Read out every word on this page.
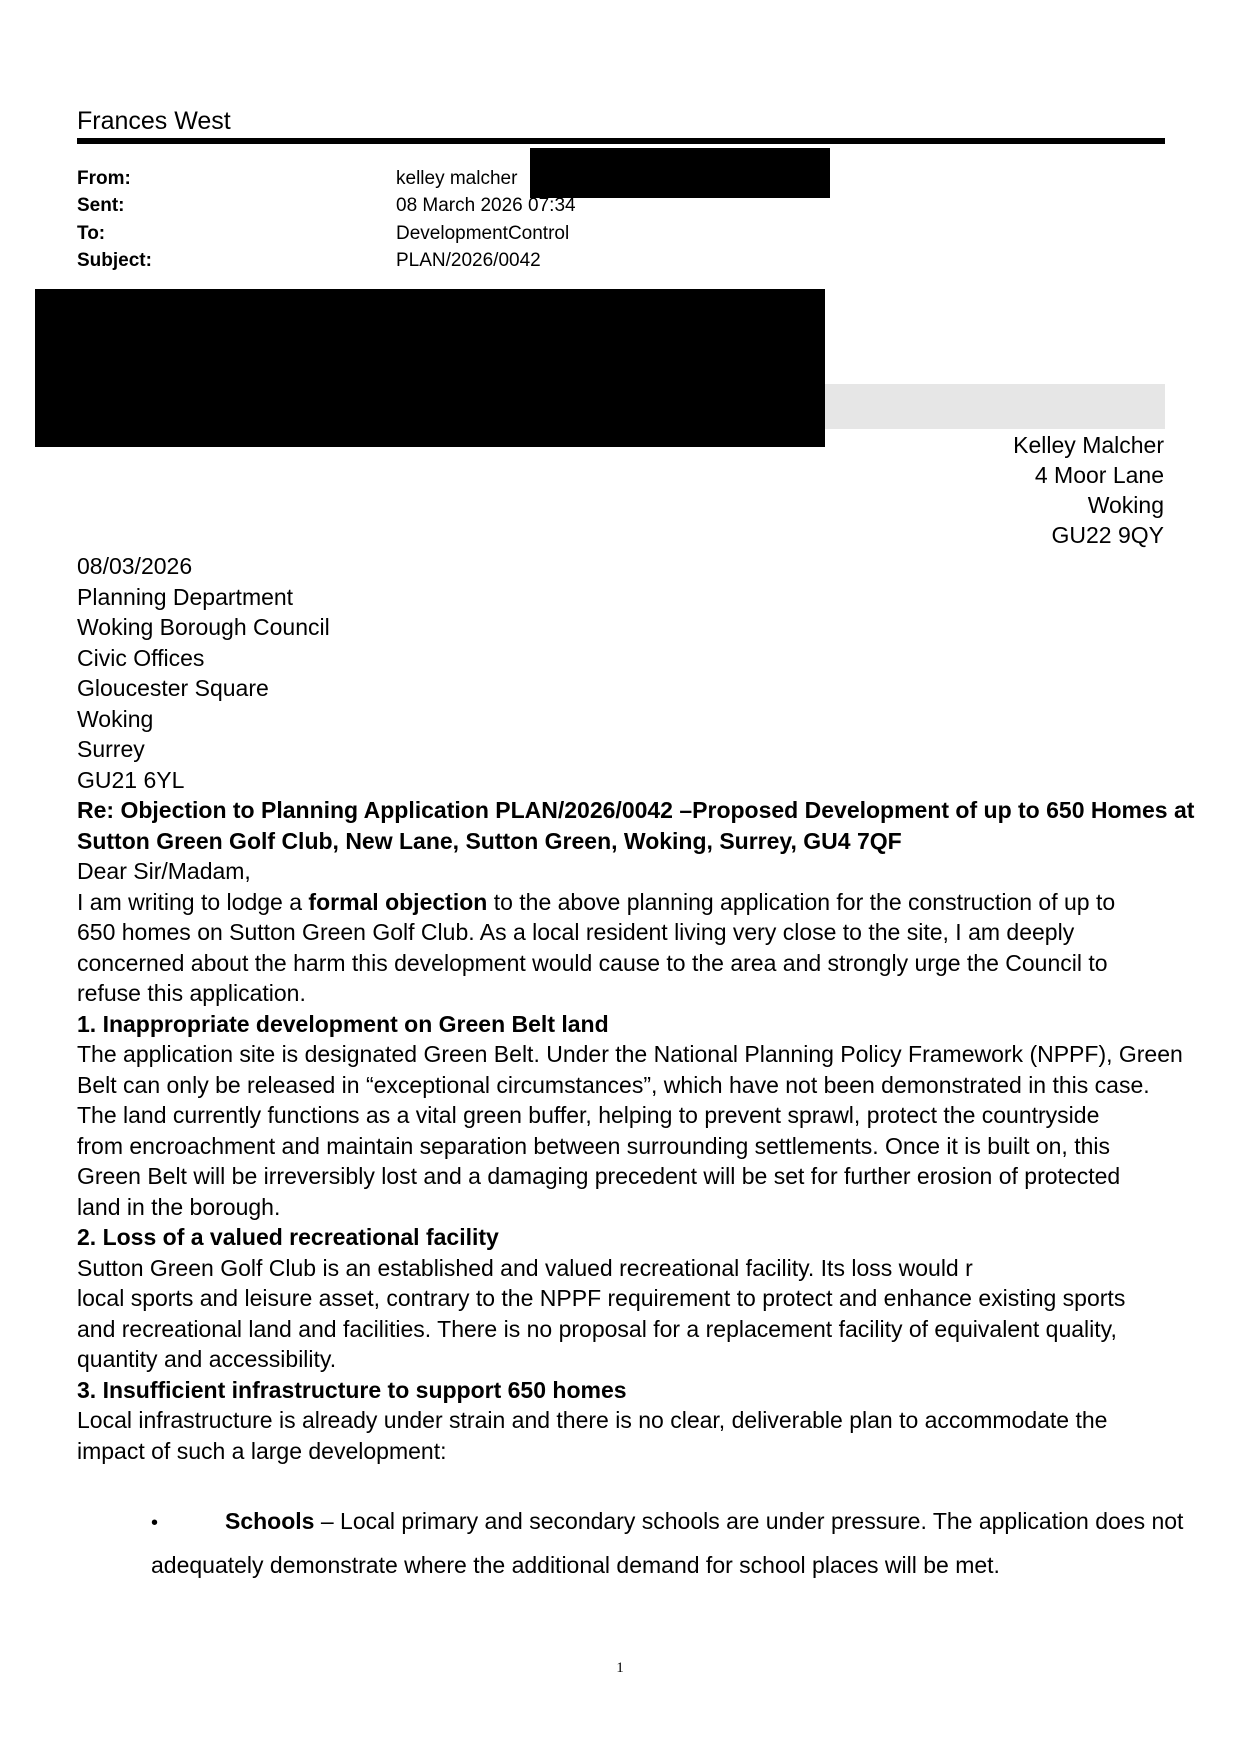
Frances West
From:	kelley malcher
Sent:	08 March 2026 07:34
To:	DevelopmentControl
Subject:	PLAN/2026/0042
Kelley Malcher
4 Moor Lane
Woking
GU22 9QY
08/03/2026
Planning Department
Woking Borough Council
Civic Offices
Gloucester Square
Woking
Surrey
GU21 6YL
Re: Objection to Planning Application PLAN/2026/0042 –Proposed Development of up to 650 Homes at
Sutton Green Golf Club, New Lane, Sutton Green, Woking, Surrey, GU4 7QF
Dear Sir/Madam,
I am writing to lodge a formal objection to the above planning application for the construction of up to
650 homes on Sutton Green Golf Club. As a local resident living very close to the site, I am deeply
concerned about the harm this development would cause to the area and strongly urge the Council to
refuse this application.
1. Inappropriate development on Green Belt land
The application site is designated Green Belt. Under the National Planning Policy Framework (NPPF), Green
Belt can only be released in “exceptional circumstances”, which have not been demonstrated in this case.
The land currently functions as a vital green buffer, helping to prevent sprawl, protect the countryside
from encroachment and maintain separation between surrounding settlements. Once it is built on, this
Green Belt will be irreversibly lost and a damaging precedent will be set for further erosion of protected
land in the borough.
2. Loss of a valued recreational facility
Sutton Green Golf Club is an established and valued recreational facility. Its loss would r
local sports and leisure asset, contrary to the NPPF requirement to protect and enhance existing sports
and recreational land and facilities. There is no proposal for a replacement facility of equivalent quality,
quantity and accessibility.
3. Insufficient infrastructure to support 650 homes
Local infrastructure is already under strain and there is no clear, deliverable plan to accommodate the
impact of such a large development:
•	Schools – Local primary and secondary schools are under pressure. The application does not
adequately demonstrate where the additional demand for school places will be met.
1
